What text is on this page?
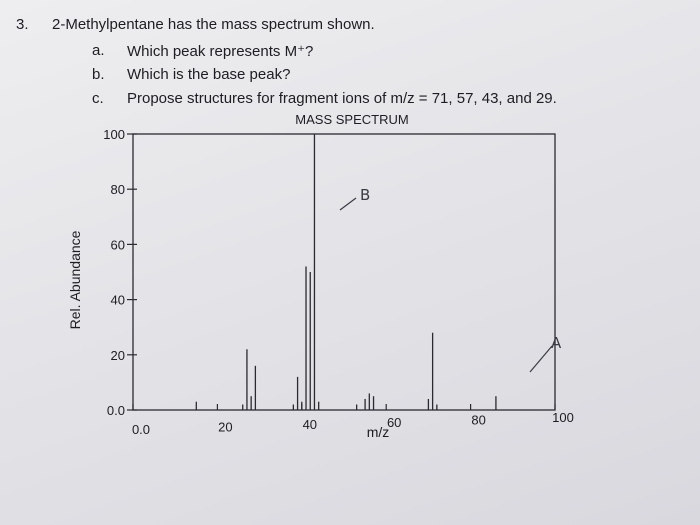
3. 2-Methylpentane has the mass spectrum shown.
a. Which peak represents M⁺?
b. Which is the base peak?
c. Propose structures for fragment ions of m/z = 71, 57, 43, and 29.
MASS SPECTRUM
0.0
20
40
60
80
100
0.0	20	40	60	80	100
m/z
Rel. Abundance
B
A
